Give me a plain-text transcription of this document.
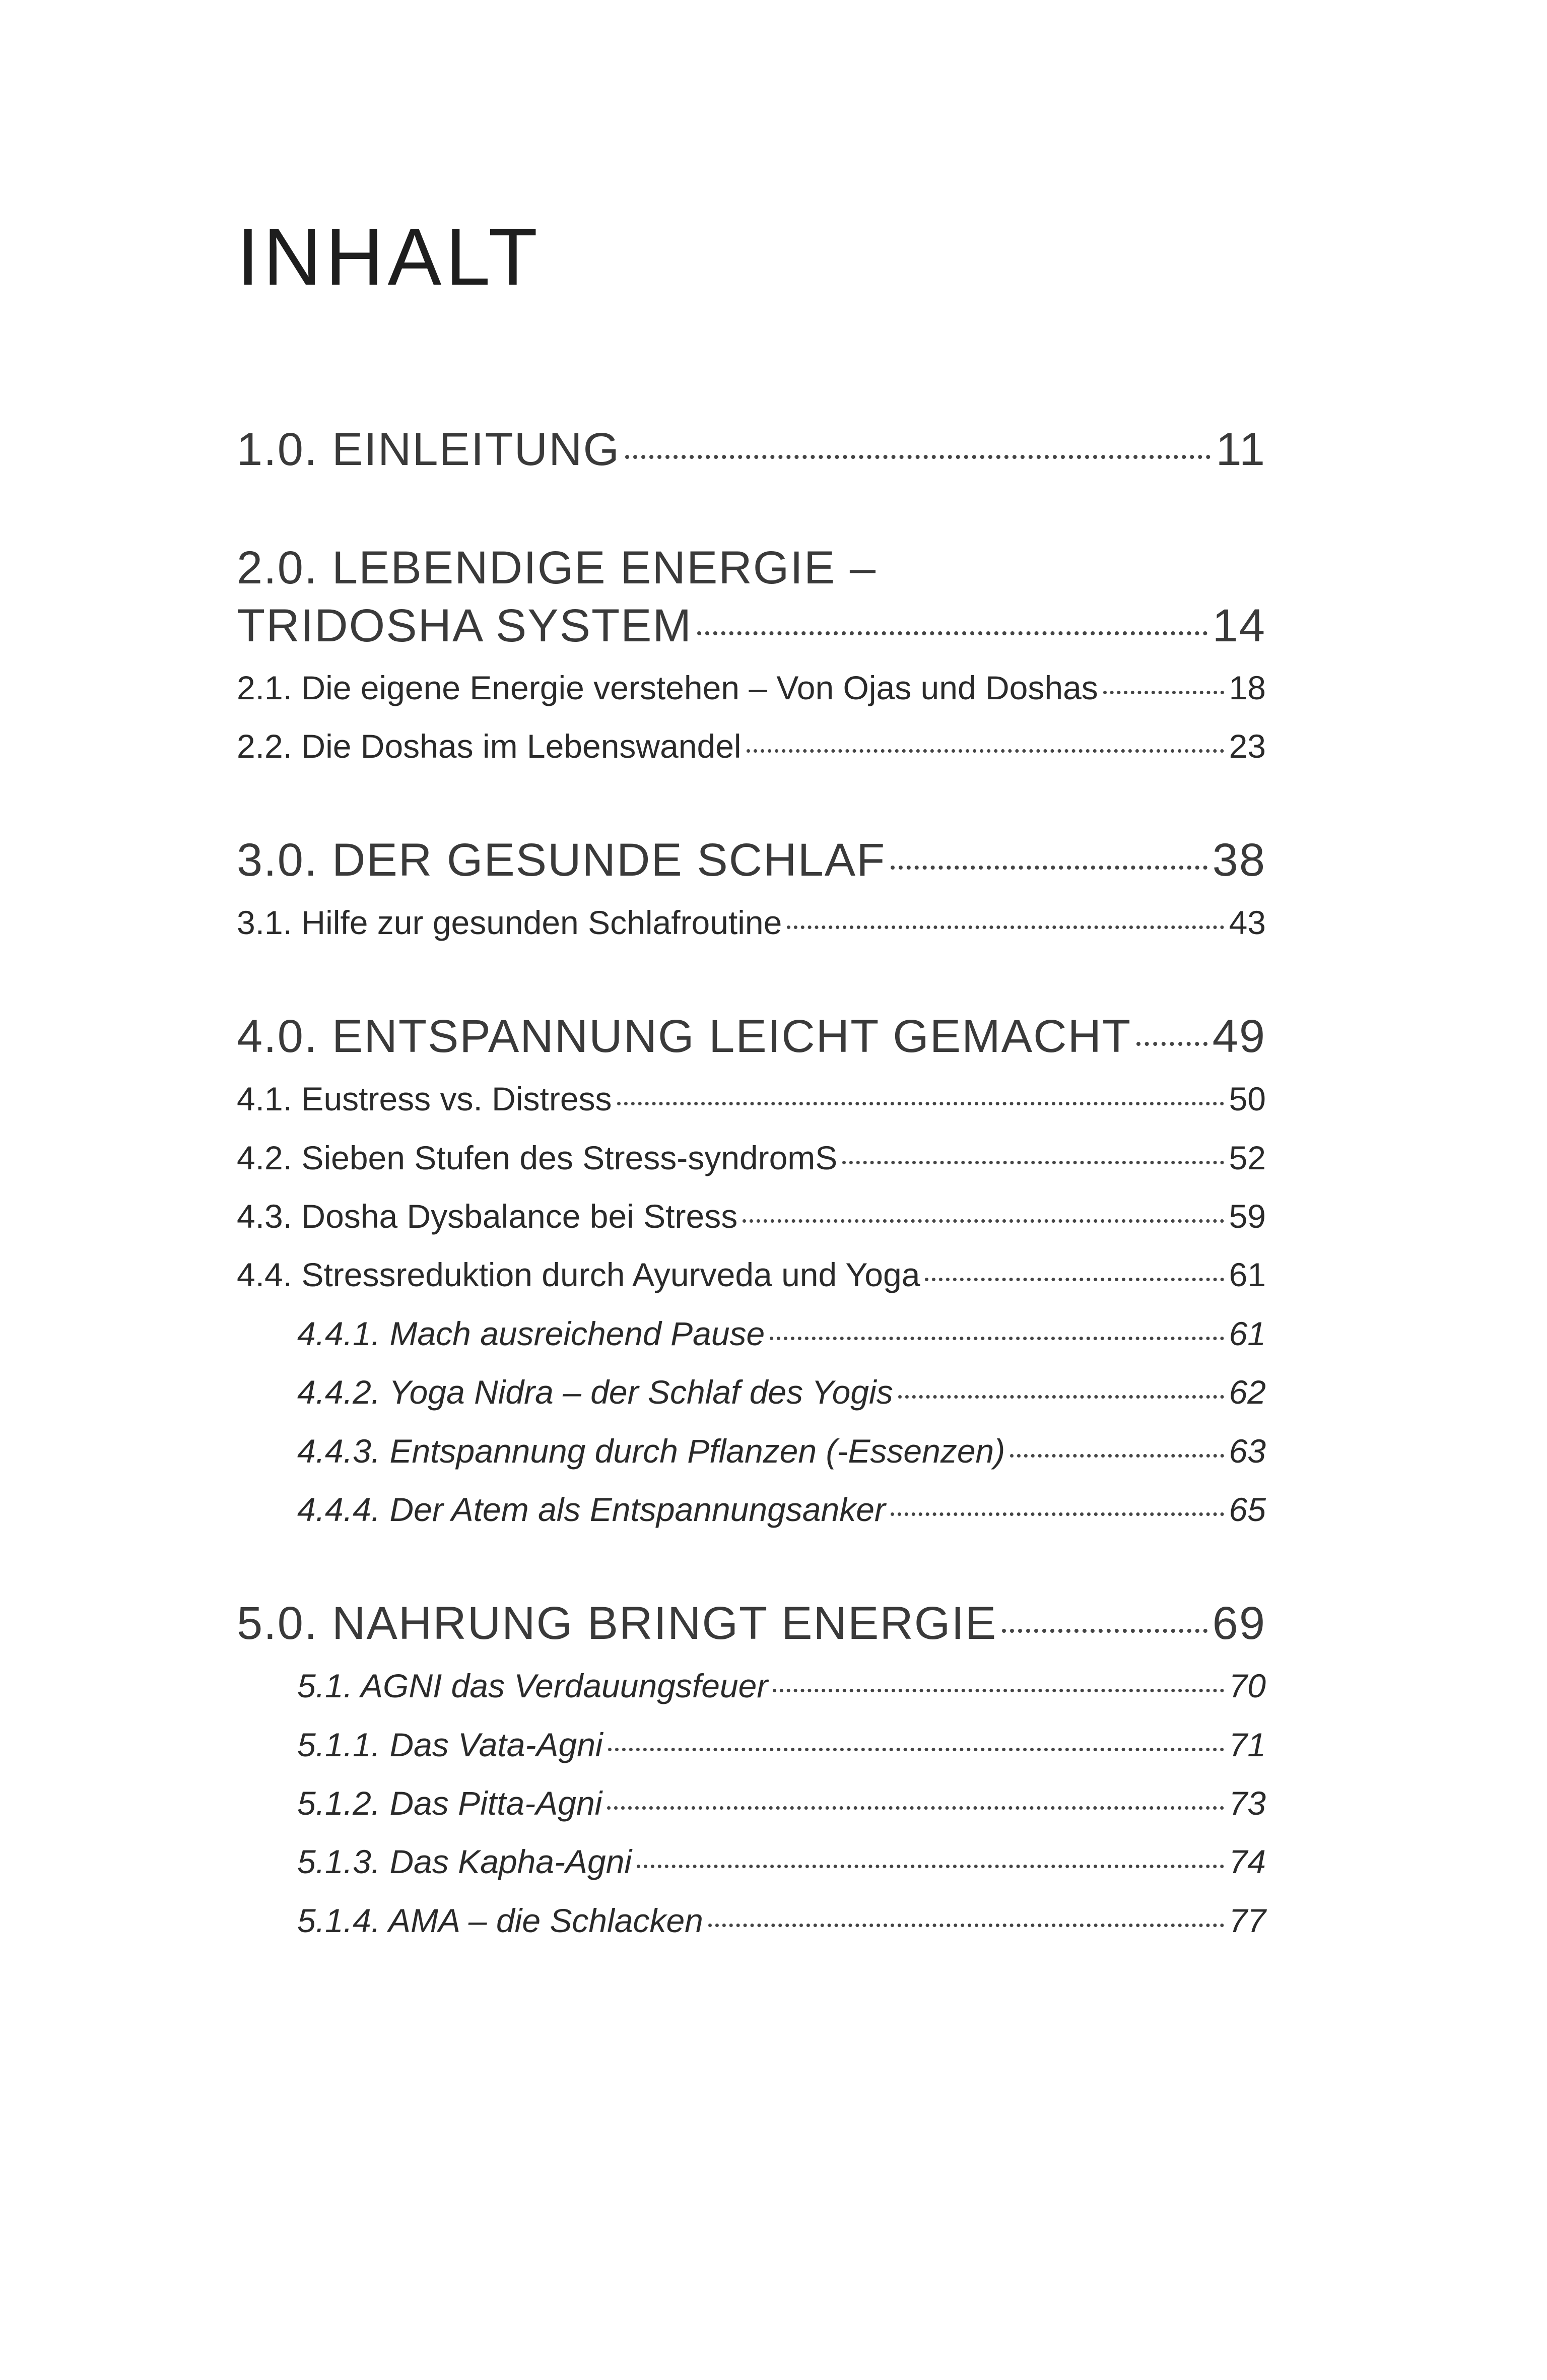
INHALT
1.0. EINLEITUNG	11
2.0. LEBENDIGE ENERGIE –
TRIDOSHA SYSTEM	14
2.1. Die eigene Energie verstehen – Von Ojas und Doshas	18
2.2. Die Doshas im Lebenswandel	23
3.0. DER GESUNDE SCHLAF	38
3.1. Hilfe zur gesunden Schlafroutine	43
4.0. ENTSPANNUNG LEICHT GEMACHT 49
4.1. Eustress vs. Distress	50
4.2. Sieben Stufen des Stress-syndromS	52
4.3. Dosha Dysbalance bei Stress	59
4.4. Stressreduktion durch Ayurveda und Yoga	61
4.4.1. Mach ausreichend Pause	61
4.4.2. Yoga Nidra – der Schlaf des Yogis	62
4.4.3. Entspannung durch Pflanzen (-Essenzen)	63
4.4.4. Der Atem als Entspannungsanker	65
5.0. NAHRUNG BRINGT ENERGIE	69
5.1. AGNI das Verdauungsfeuer	70
5.1.1. Das Vata-Agni	71
5.1.2. Das Pitta-Agni	73
5.1.3. Das Kapha-Agni	74
5.1.4. AMA – die Schlacken	77
